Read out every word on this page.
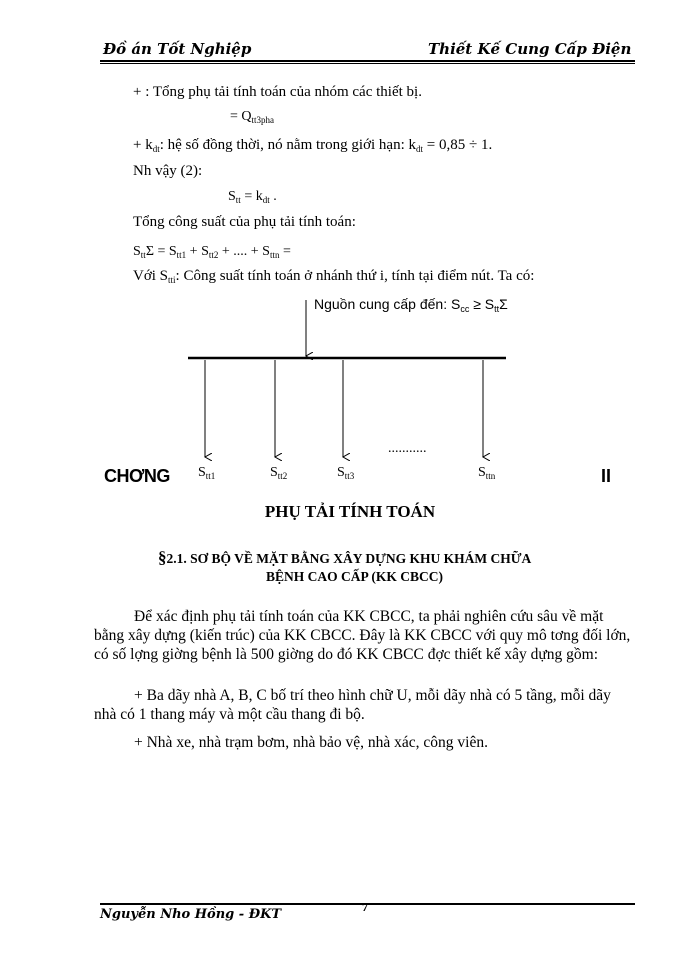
Đồ án Tốt Nghiệp	Thiết Kế Cung Cấp Điện
+ : Tổng phụ tải tính toán của nhóm các thiết bị.
= $Q_{tt3pha}$
+ $k_{dt}$: hệ số đồng thời, nó nằm trong giới hạn: $k_{dt} = 0,85 \div 1$.
Nh vậy (2):
$S_{tt} = k_{dt}$ .
Tổng công suất của phụ tải tính toán:
$S_{tt}\Sigma = S_{tt1} + S_{tt2}$ + .... + $S_{ttn}$ =
Với $S_{tti}$: Công suất tính toán ở nhánh thứ i, tính tại điểm nút. Ta có:
Nguồn cung cấp đến: $S_{cc} \ge S_{tt}\Sigma$
$S_{tt1}$	$S_{tt2}$	$S_{tt3}$	$S_{ttn}$
...........
CHƠNG	II
PHỤ TẢI TÍNH TOÁN
§2.1. SƠ BỘ VỀ MẶT BẰNG XÂY DỰNG KHU KHÁM CHỮA
BỆNH CAO CẤP (KK CBCC)
Để xác định phụ tải tính toán của KK CBCC, ta phải nghiên cứu sâu về mặt bằng xây dựng (kiến trúc) của KK CBCC. Đây là KK CBCC với quy mô tơng đối lớn, có số lợng giờng bệnh là 500 giờng do đó KK CBCC đợc thiết kế xây dựng gồm:
+ Ba dãy nhà A, B, C bố trí theo hình chữ U, mỗi dãy nhà có 5 tầng, mỗi dãy nhà có 1 thang máy và một cầu thang đi bộ.
+ Nhà xe, nhà trạm bơm, nhà bảo vệ, nhà xác, công viên.
Nguyễn Nho Hồng - ĐKT	7
